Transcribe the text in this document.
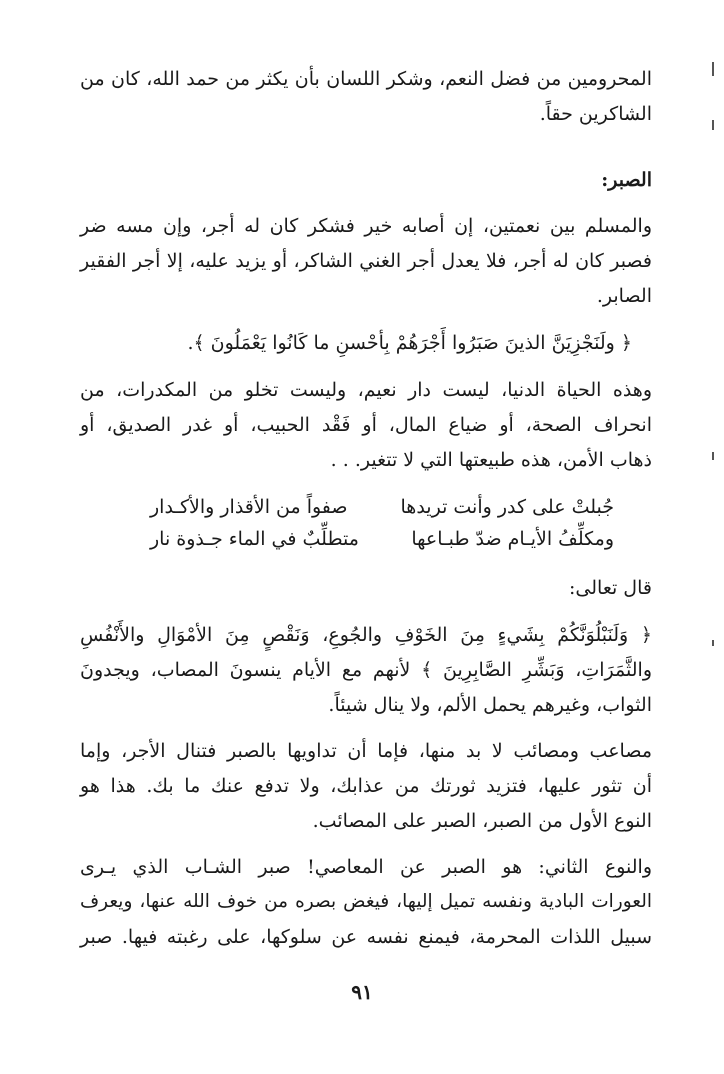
المحرومين من فضل النعم، وشكر اللسان بأن يكثر من حمد الله، كان من
الشاكرين حقاً.
الصبر:
والمسلم بين نعمتين، إن أصابه خير فشكر كان له أجر، وإن مسه ضر
فصبر كان له أجر، فلا يعدل أجر الغني الشاكر، أو يزيد عليه، إلا أجر الفقير
الصابر.
﴿ ولَنَجْزِيَنَّ الذينَ صَبَرُوا أَجْرَهُمْ بِأحْسنِ ما كَانُوا يَعْمَلُونَ ﴾.
وهذه الحياة الدنيا، ليست دار نعيم، وليست تخلو من المكدرات، من
انحراف الصحة، أو ضياع المال، أو فَقْد الحبيب، أو غدر الصديق، أو
ذهاب الأمن، هذه طبيعتها التي لا تتغير. . .
جُبلتْ على كدر وأنت تريدها
صفواً من الأقذار والأكـدار
ومكلِّفُ الأيـام ضدّ طبـاعها
متطلِّبٌ في الماء جـذوة نار
قال تعالى:
﴿ وَلَنَبْلُوَنَّكُمْ بِشَيءٍ مِنَ الخَوْفِ والجُوعِ، وَنَقْصٍ مِنَ الأمْوَالِ والأَنْفُسِ
والثَّمَرَاتِ، وَبَشِّرِ الصَّابِرِينَ ﴾ لأنهم مع الأيام ينسونَ المصاب، ويجدونَ
الثواب، وغيرهم يحمل الألم، ولا ينال شيئاً.
مصاعب ومصائب لا بد منها، فإما أن تداويها بالصبر فتنال الأجر، وإما
أن تثور عليها، فتزيد ثورتك من عذابك، ولا تدفع عنك ما بك. هذا هو
النوع الأول من الصبر، الصبر على المصائب.
والنوع الثاني: هو الصبر عن المعاصي! صبر الشـاب الذي يـرى
العورات البادية ونفسه تميل إليها، فيغض بصره من خوف الله عنها، ويعرف
سبيل اللذات المحرمة، فيمنع نفسه عن سلوكها، على رغبته فيها. صبر
٩١
